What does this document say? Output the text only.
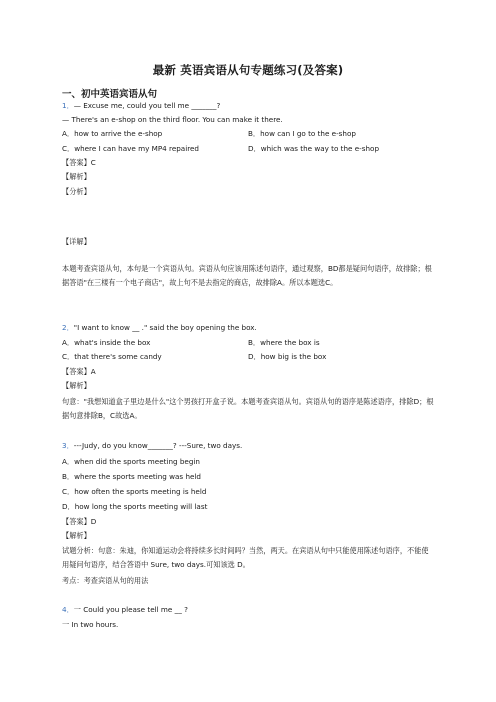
最新 英语宾语从句专题练习(及答案)
一、初中英语宾语从句
1．— Excuse me, could you tell me _______?
— There's an e-shop on the third floor. You can make it there.
A．how to arrive the e-shop	B．how can I go to the e-shop
C．where I can have my MP4 repaired	D．which was the way to the e-shop
【答案】C
【解析】
【分析】
【详解】
本题考查宾语从句，本句是一个宾语从句。宾语从句应该用陈述句语序，通过观察，BD都是疑问句语序，故排除；根据答语"在三楼有一个电子商店"，故上句不是去指定的商店，故排除A。所以本题选C。
2．"I want to know __ ." said the boy opening the box.
A．what's inside the box	B．where the box is
C．that there's some candy	D．how big is the box
【答案】A
【解析】
句意："我想知道盒子里边是什么"这个男孩打开盒子说。本题考查宾语从句。宾语从句的语序是陈述语序，排除D；根据句意排除B，C故选A。
3．---Judy, do you know_______? ---Sure, two days.
A．when did the sports meeting begin
B．where the sports meeting was held
C．how often the sports meeting is held
D．how long the sports meeting will last
【答案】D
【解析】
试题分析：句意：朱迪，你知道运动会将持续多长时间吗？当然，两天。在宾语从句中只能使用陈述句语序，不能使用疑问句语序，结合答语中 Sure, two days.可知该选 D。
考点：考查宾语从句的用法
4．一 Could you please tell me __ ?
一 In two hours.
